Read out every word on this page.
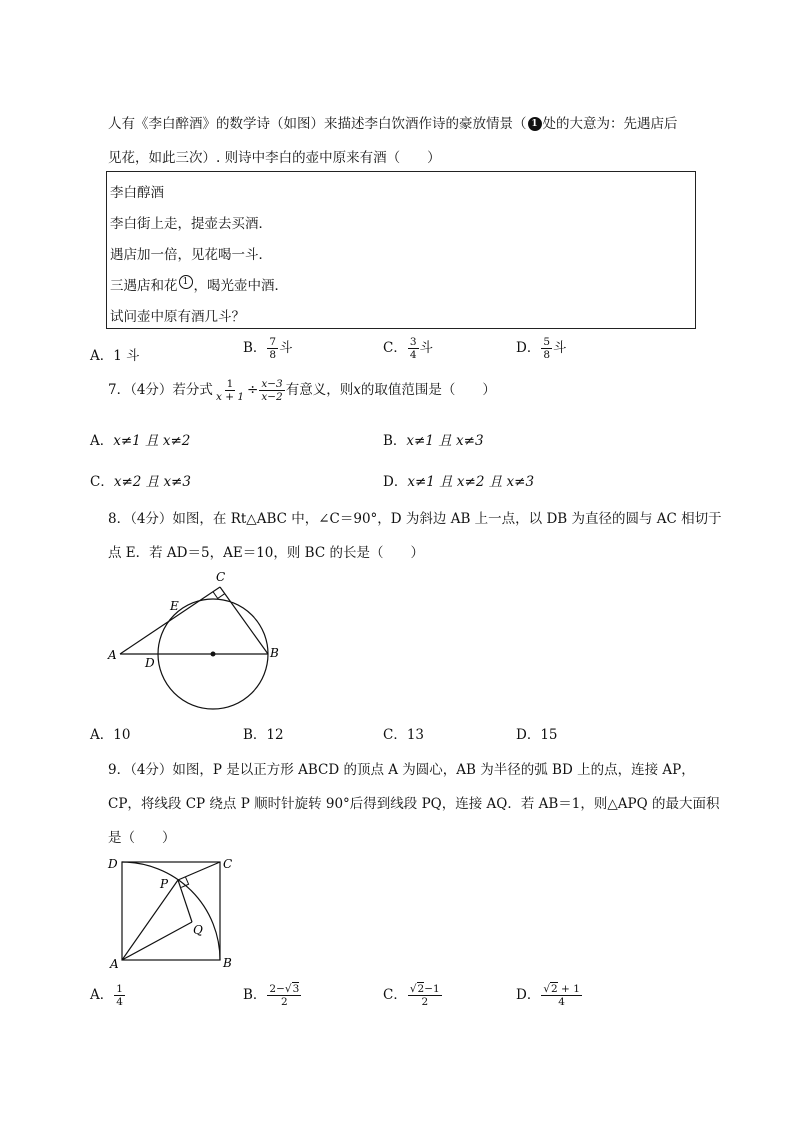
人有《李白醉酒》的数学诗（如图）来描述李白饮酒作诗的豪放情景（ 1 处的大意为：先遇店后
见花，如此三次）. 则诗中李白的壶中原来有酒（　　）
李白醇酒
李白街上走，提壶去买酒．
遇店加一倍，见花喝一斗．
三遇店和花 1 ，喝光壶中酒．
试问壶中原有酒几斗？
A．1 斗	B． $\frac{7}{8}$ 斗	C． $\frac{3}{4}$ 斗	D． $\frac{5}{8}$ 斗
7．（4分）若分式 $\frac{1}{x + 1} \div \frac{x-3}{x-2}$ 有意义，则x的取值范围是（　　）
A．x≠1 且 x≠2	B．x≠1 且 x≠3
C．x≠2 且 x≠3	D．x≠1 且 x≠2 且 x≠3
8．（4分）如图，在 Rt△ABC 中，∠C＝90°，D 为斜边 AB 上一点，以 DB 为直径的圆与 AC 相切于
点 E．若 AD＝5，AE＝10，则 BC 的长是（　　）
A	B
C
D
E
A．10	B．12	C．13	D．15
9．（4分）如图，P 是以正方形 ABCD 的顶点 A 为圆心，AB 为半径的弧 BD 上的点，连接 AP，
CP，将线段 CP 绕点 P 顺时针旋转 90°后得到线段 PQ，连接 AQ．若 AB＝1，则△APQ 的最大面积
是（　　）
A	B
C
D
P
Q
A． $\frac{1}{4}$	B． $\frac{2-√3}{2}$	C． $\frac{√2-1}{2}$	D． $\frac{√2 + 1}{4}$
